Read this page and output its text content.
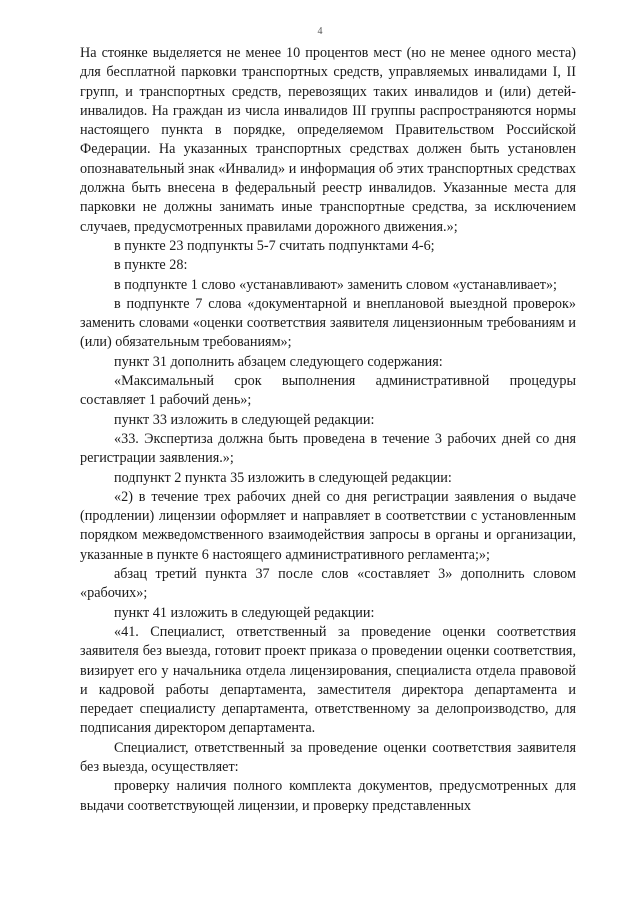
4

На стоянке выделяется не менее 10 процентов мест (но не менее одного места) для бесплатной парковки транспортных средств, управляемых инвалидами I, II групп, и транспортных средств, перевозящих таких инвалидов и (или) детей-инвалидов. На граждан из числа инвалидов III группы распространяются нормы настоящего пункта в порядке, определяемом Правительством Российской Федерации. На указанных транспортных средствах должен быть установлен опознавательный знак «Инвалид» и информация об этих транспортных средствах должна быть внесена в федеральный реестр инвалидов. Указанные места для парковки не должны занимать иные транспортные средства, за исключением случаев, предусмотренных правилами дорожного движения.»;

в пункте 23 подпункты 5-7 считать подпунктами 4-6;

в пункте 28:

в подпункте 1 слово «устанавливают» заменить словом «устанавливает»;

в подпункте 7 слова «документарной и внеплановой выездной проверок» заменить словами «оценки соответствия заявителя лицензионным требованиям и (или) обязательным требованиям»;

пункт 31 дополнить абзацем следующего содержания:

«Максимальный срок выполнения административной процедуры составляет 1 рабочий день»;

пункт 33 изложить в следующей редакции:

«33. Экспертиза должна быть проведена в течение 3 рабочих дней со дня регистрации заявления.»;

подпункт 2 пункта 35 изложить в следующей редакции:

«2) в течение трех рабочих дней со дня регистрации заявления о выдаче (продлении) лицензии оформляет и направляет в соответствии с установленным порядком межведомственного взаимодействия запросы в органы и организации, указанные в пункте 6 настоящего административного регламента;»;

абзац третий пункта 37 после слов «составляет 3» дополнить словом «рабочих»;

пункт 41 изложить в следующей редакции:

«41. Специалист, ответственный за проведение оценки соответствия заявителя без выезда, готовит проект приказа о проведении оценки соответствия, визирует его у начальника отдела лицензирования, специалиста отдела правовой и кадровой работы департамента, заместителя директора департамента и передает специалисту департамента, ответственному за делопроизводство, для подписания директором департамента.

Специалист, ответственный за проведение оценки соответствия заявителя без выезда, осуществляет:

проверку наличия полного комплекта документов, предусмотренных для выдачи соответствующей лицензии, и проверку представленных
